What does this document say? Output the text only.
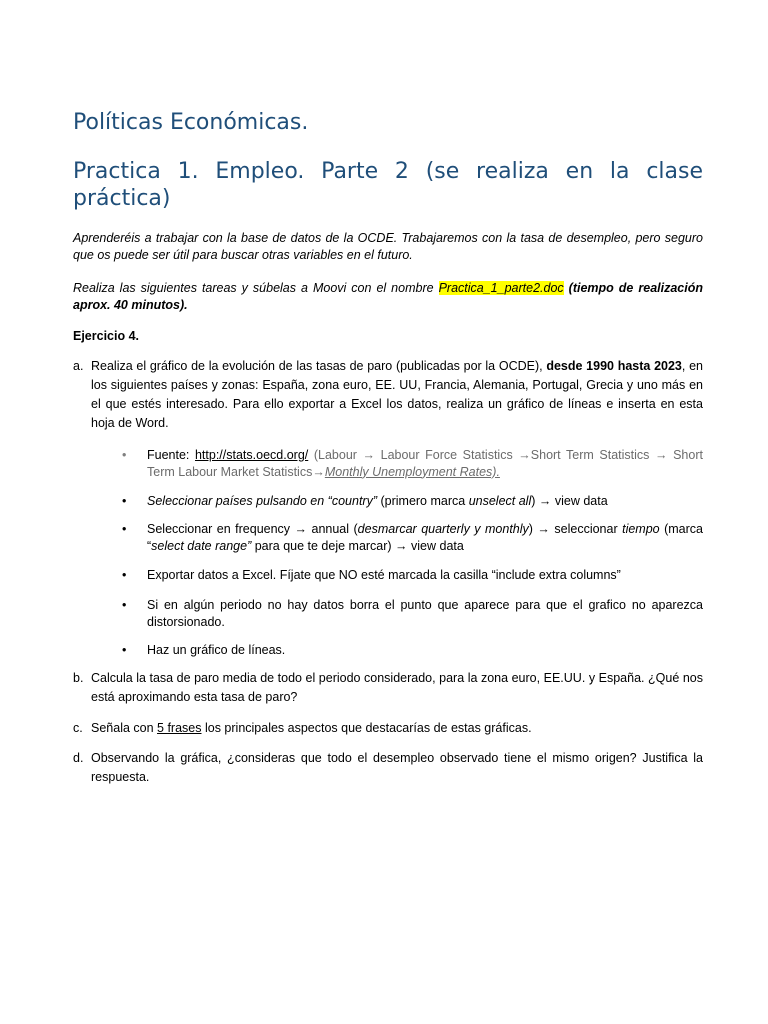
Políticas Económicas.
Practica 1. Empleo. Parte 2 (se realiza en la clase práctica)

Aprenderéis a trabajar con la base de datos de la OCDE. Trabajaremos con la tasa de desempleo, pero seguro que os puede ser útil para buscar otras variables en el futuro.

Realiza las siguientes tareas y súbelas a Moovi con el nombre Practica_1_parte2.doc (tiempo de realización aprox. 40 minutos).

Ejercicio 4.

a. Realiza el gráfico de la evolución de las tasas de paro (publicadas por la OCDE), desde 1990 hasta 2023, en los siguientes países y zonas: España, zona euro, EE. UU, Francia, Alemania, Portugal, Grecia y uno más en el que estés interesado. Para ello exportar a Excel los datos, realiza un gráfico de líneas e inserta en esta hoja de Word.
• Fuente: http://stats.oecd.org/ (Labour → Labour Force Statistics →Short Term Statistics → Short Term Labour Market Statistics→Monthly Unemployment Rates).
• Seleccionar países pulsando en “country” (primero marca unselect all) → view data
• Seleccionar en frequency → annual (desmarcar quarterly y monthly) → seleccionar tiempo (marca “select date range” para que te deje marcar) → view data
• Exportar datos a Excel. Fíjate que NO esté marcada la casilla “include extra columns”
• Si en algún periodo no hay datos borra el punto que aparece para que el grafico no aparezca distorsionado.
• Haz un gráfico de líneas.
b. Calcula la tasa de paro media de todo el periodo considerado, para la zona euro, EE.UU. y España. ¿Qué nos está aproximando esta tasa de paro?
c. Señala con 5 frases los principales aspectos que destacarías de estas gráficas.
d. Observando la gráfica, ¿consideras que todo el desempleo observado tiene el mismo origen? Justifica la respuesta.
